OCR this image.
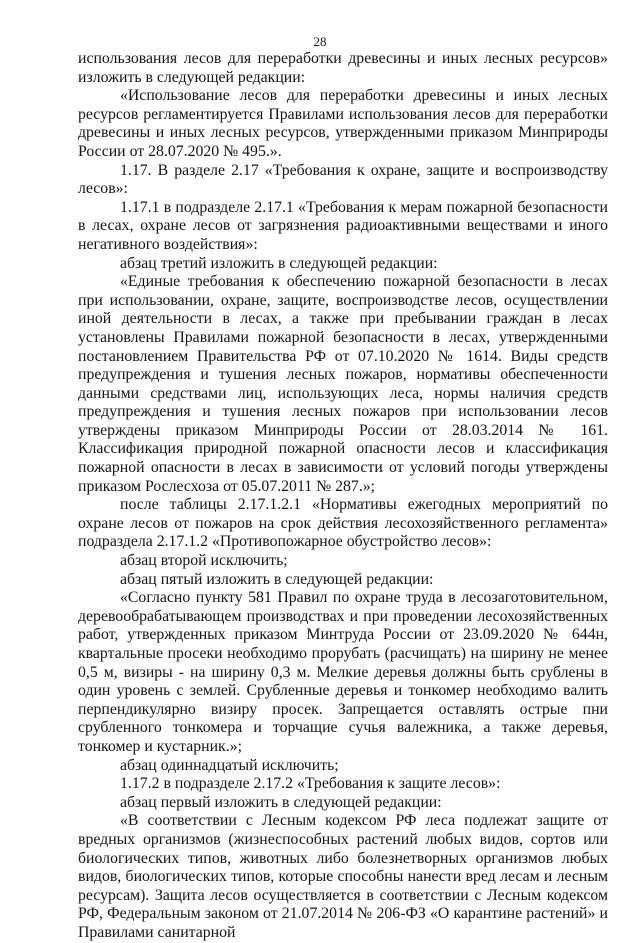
28

использования лесов для переработки древесины и иных лесных ресурсов» изложить в следующей редакции:

«Использование лесов для переработки древесины и иных лесных ресурсов регламентируется Правилами использования лесов для переработки древесины и иных лесных ресурсов, утвержденными приказом Минприроды России от 28.07.2020 № 495.».

1.17. В разделе 2.17 «Требования к охране, защите и воспроизводству лесов»:

1.17.1 в подразделе 2.17.1 «Требования к мерам пожарной безопасности в лесах, охране лесов от загрязнения радиоактивными веществами и иного негативного воздействия»:

абзац третий изложить в следующей редакции:

«Единые требования к обеспечению пожарной безопасности в лесах при использовании, охране, защите, воспроизводстве лесов, осуществлении иной деятельности в лесах, а также при пребывании граждан в лесах установлены Правилами пожарной безопасности в лесах, утвержденными постановлением Правительства РФ от 07.10.2020 № 1614. Виды средств предупреждения и тушения лесных пожаров, нормативы обеспеченности данными средствами лиц, использующих леса, нормы наличия средств предупреждения и тушения лесных пожаров при использовании лесов утверждены приказом Минприроды России от 28.03.2014 № 161. Классификация природной пожарной опасности лесов и классификация пожарной опасности в лесах в зависимости от условий погоды утверждены приказом Рослесхоза от 05.07.2011 № 287.»;

после таблицы 2.17.1.2.1 «Нормативы ежегодных мероприятий по охране лесов от пожаров на срок действия лесохозяйственного регламента» подраздела 2.17.1.2 «Противопожарное обустройство лесов»:

абзац второй исключить;

абзац пятый изложить в следующей редакции:

«Согласно пункту 581 Правил по охране труда в лесозаготовительном, деревообрабатывающем производствах и при проведении лесохозяйственных работ, утвержденных приказом Минтруда России от 23.09.2020 № 644н, квартальные просеки необходимо прорубать (расчищать) на ширину не менее 0,5 м, визиры - на ширину 0,3 м. Мелкие деревья должны быть срублены в один уровень с землей. Срубленные деревья и тонкомер необходимо валить перпендикулярно визиру просек. Запрещается оставлять острые пни срубленного тонкомера и торчащие сучья валежника, а также деревья, тонкомер и кустарник.»;

абзац одиннадцатый исключить;

1.17.2 в подразделе 2.17.2 «Требования к защите лесов»:

абзац первый изложить в следующей редакции:

«В соответствии с Лесным кодексом РФ леса подлежат защите от вредных организмов (жизнеспособных растений любых видов, сортов или биологических типов, животных либо болезнетворных организмов любых видов, биологических типов, которые способны нанести вред лесам и лесным ресурсам). Защита лесов осуществляется в соответствии с Лесным кодексом РФ, Федеральным законом от 21.07.2014 № 206-ФЗ «О карантине растений» и Правилами санитарной
